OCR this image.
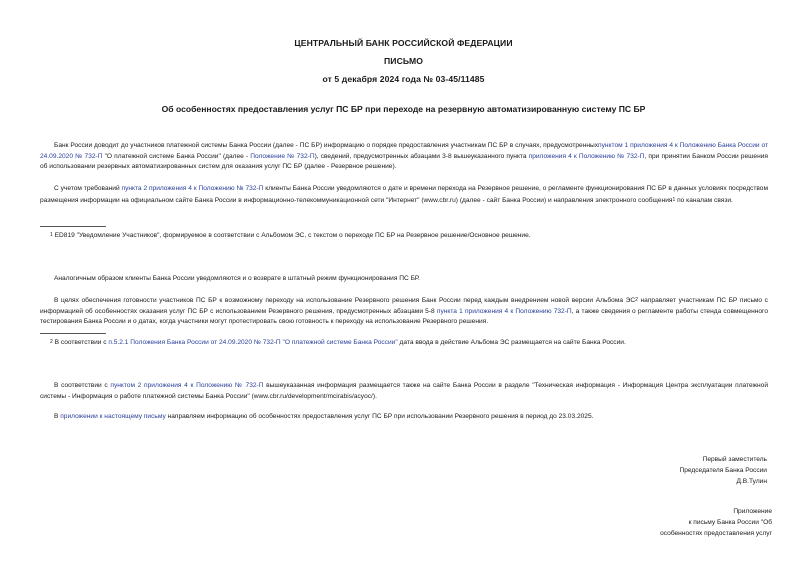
ЦЕНТРАЛЬНЫЙ БАНК РОССИЙСКОЙ ФЕДЕРАЦИИ
ПИСЬМО
от 5 декабря 2024 года № 03-45/11485
Об особенностях предоставления услуг ПС БР при переходе на резервную автоматизированную систему ПС БР

Банк России доводит до участников платежной системы Банка России (далее - ПС БР) информацию о порядке предоставления участникам ПС БР в случаях, предусмотренныхпунктом 1 приложения 4 к Положению Банка России от 24.09.2020 № 732-П "О платежной системе Банка России" (далее - Положение № 732-П), сведений, предусмотренных абзацами 3-8 вышеуказанного пункта приложения 4 к Положению № 732-П, при принятии Банком России решения об использовании резервных автоматизированных систем для оказания услуг ПС БР (далее - Резервное решение).

С учетом требований пункта 2 приложения 4 к Положению № 732-П клиенты Банка России уведомляются о дате и времени перехода на Резервное решение, о регламенте функционирования ПС БР в данных условиях посредством размещения информации на официальном сайте Банка России в информационно-телекоммуникационной сети "Интернет" (www.cbr.ru) (далее - сайт Банка России) и направления электронного сообщения$^1$ по каналам связи.

$^1$ ED819 "Уведомление Участников", формируемое в соответствии с Альбомом ЭС, с текстом о переходе ПС БР на Резервное решение/Основное решение.

Аналогичным образом клиенты Банка России уведомляются и о возврате в штатный режим функционирования ПС БР.

В целях обеспечения готовности участников ПС БР к возможному переходу на использование Резервного решения Банк России перед каждым внедрением новой версии Альбома $ЭС^2$ направляет участникам ПС БР письмо с информацией об особенностях оказания услуг ПС БР с использованием Резервного решения, предусмотренных абзацами 5-8 пункта 1 приложения 4 к Положению 732-П, а также сведения о регламенте работы стенда совмещенного тестирования Банка России и о датах, когда участники могут протестировать свою готовность к переходу на использование Резервного решения.

$^2$ В соответствии с п.5.2.1 Положения Банка России от 24.09.2020 № 732-П "О платежной системе Банка России" дата ввода в действие Альбома ЭС размещается на сайте Банка России.

В соответствии с пунктом 2 приложения 4 к Положению № 732-П вышеуказанная информация размещается также на сайте Банка России в разделе "Техническая информация - Информация Центра эксплуатации платежной системы - Информация о работе платежной системы Банка России" (www.cbr.ru/development/mcirabis/acyoc/).

В приложении к настоящему письму направляем информацию об особенностях предоставления услуг ПС БР при использовании Резервного решения в период до 23.03.2025.

Первый заместитель
Председателя Банка России
Д.В.Тулин
Приложение
к письму Банка России "Об
особенностях предоставления услуг
